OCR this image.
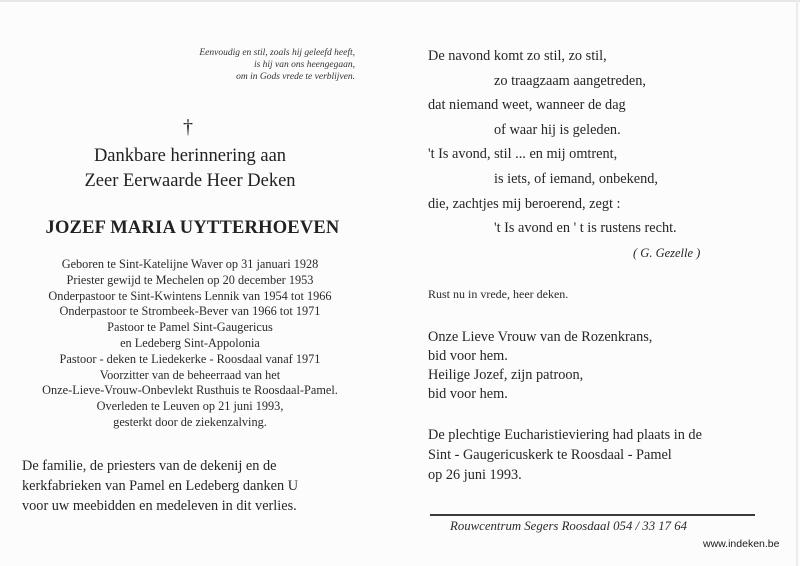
Eenvoudig en stil, zoals hij geleefd heeft,
is hij van ons heengegaan,
om in Gods vrede te verblijven.
†
Dankbare herinnering aan
Zeer Eerwaarde Heer Deken
JOZEF MARIA UYTTERHOEVEN
Geboren te Sint-Katelijne Waver op 31 januari 1928
Priester gewijd te Mechelen op 20 december 1953
Onderpastoor te Sint-Kwintens Lennik van 1954 tot 1966
Onderpastoor te Strombeek-Bever van 1966 tot 1971
Pastoor te Pamel Sint-Gaugericus
en Ledeberg Sint-Appolonia
Pastoor - deken te Liedekerke - Roosdaal vanaf 1971
Voorzitter van de beheerraad van het
Onze-Lieve-Vrouw-Onbevlekt Rusthuis te Roosdaal-Pamel.
Overleden te Leuven op 21 juni 1993,
gesterkt door de ziekenzalving.
De familie, de priesters van de dekenij en de
kerkfabrieken van Pamel en Ledeberg danken U
voor uw meebidden en medeleven in dit verlies.
De navond komt zo stil, zo stil,
zo traagzaam aangetreden,
dat niemand weet, wanneer de dag
of waar hij is geleden.
't Is avond, stil ... en mij omtrent,
is iets, of iemand, onbekend,
die, zachtjes mij beroerend, zegt :
't Is avond en ' t is rustens recht.
( G. Gezelle )
Rust nu in vrede, heer deken.
Onze Lieve Vrouw van de Rozenkrans,
bid voor hem.
Heilige Jozef, zijn patroon,
bid voor hem.
De plechtige Eucharistieviering had plaats in de
Sint - Gaugericuskerk te Roosdaal - Pamel
op 26 juni 1993.
Rouwcentrum Segers Roosdaal 054 / 33 17 64
www.indeken.be
